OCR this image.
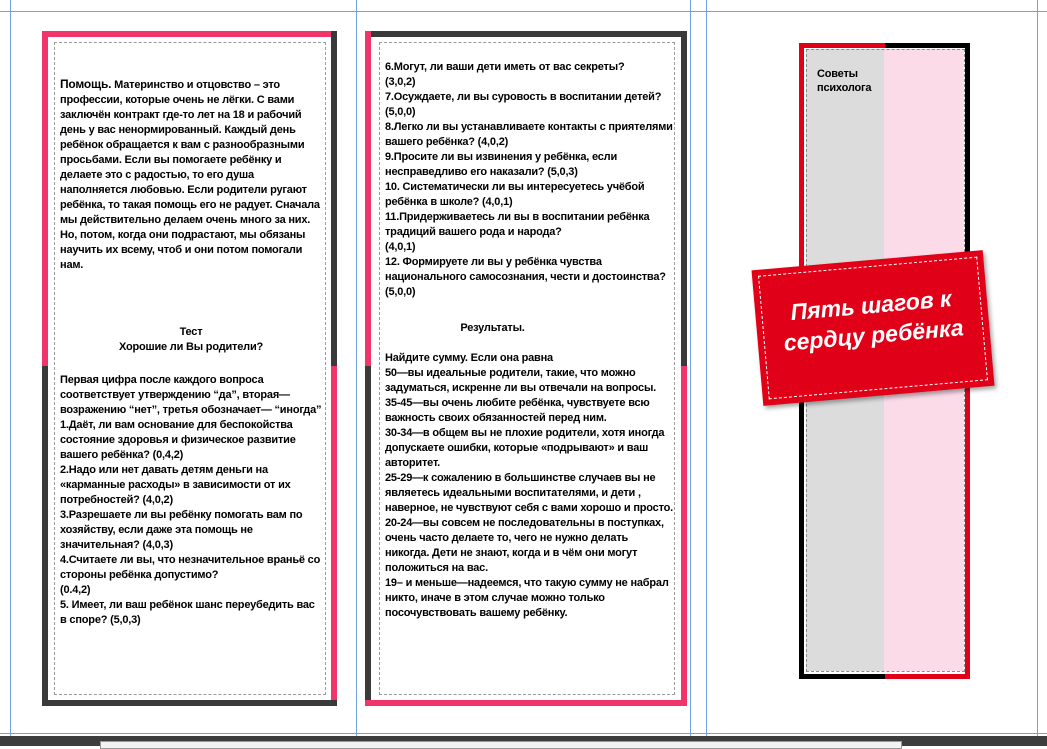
Помощь. Материнство и отцовство – это профессии, которые очень не лёгки. С вами заключён контракт где-то лет на 18 и рабочий день у вас ненормированный. Каждый день ребёнок обращается к вам с разнообразными просьбами. Если вы помогаете ребёнку и делаете это с радостью, то его душа наполняется любовью. Если родители ругают ребёнка, то такая помощь его не радует. Сначала мы действительно делаем очень много за них. Но, потом, когда они подрастают, мы обязаны научить их всему, чтоб и они потом помогали нам.

Тест

Хорошие ли Вы родители?

Первая цифра после каждого вопроса соответствует утверждению “да”, вторая—возражению “нет”, третья обозначает— “иногда”

1.Даёт, ли вам основание для беспокойства состояние здоровья и физическое развитие вашего ребёнка? (0,4,2)

2.Надо или нет давать детям деньги на «карманные расходы» в зависимости от их потребностей? (4,0,2)

3.Разрешаете ли вы ребёнку помогать вам по хозяйству, если даже эта помощь не значительная? (4,0,3)

4.Считаете ли вы, что незначительное враньё со стороны ребёнка допустимо?
(0.4,2)

5. Имеет, ли ваш ребёнок шанс переубедить вас в споре? (5,0,3)

6.Могут, ли ваши дети иметь от вас секреты?
(3,0,2)

7.Осуждаете, ли вы суровость в воспитании детей? (5,0,0)

8.Легко ли вы устанавливаете контакты с приятелями вашего ребёнка? (4,0,2)

9.Просите ли вы извинения у ребёнка, если несправедливо его наказали? (5,0,3)

10. Систематически ли вы интересуетесь учёбой ребёнка в школе? (4,0,1)

11.Придерживаетесь ли вы в воспитании ребёнка традиций вашего рода и народа?
(4,0,1)

12. Формируете ли вы у ребёнка чувства национального самосознания, чести и достоинства? (5,0,0)

Результаты.

Найдите сумму. Если она равна

50—вы идеальные родители, такие, что можно задуматься, искренне ли вы отвечали на вопросы.

35-45—вы очень любите ребёнка, чувствуете всю важность своих обязанностей перед ним.

30-34—в общем вы не плохие родители, хотя иногда допускаете ошибки, которые «подрывают» и ваш авторитет.

25-29—к сожалению в большинстве случаев вы не являетесь идеальными воспитателями, и дети , наверное, не чувствуют себя с вами хорошо и просто.

20-24—вы совсем не последовательны в поступках, очень часто делаете то, чего не нужно делать никогда. Дети не знают, когда и в чём они могут положиться на вас.

19– и меньше—надеемся, что такую сумму не набрал никто, иначе в этом случае можно только посочувствовать вашему ребёнку.

Советы
психолога
Пять шагов к
сердцу ребёнка
